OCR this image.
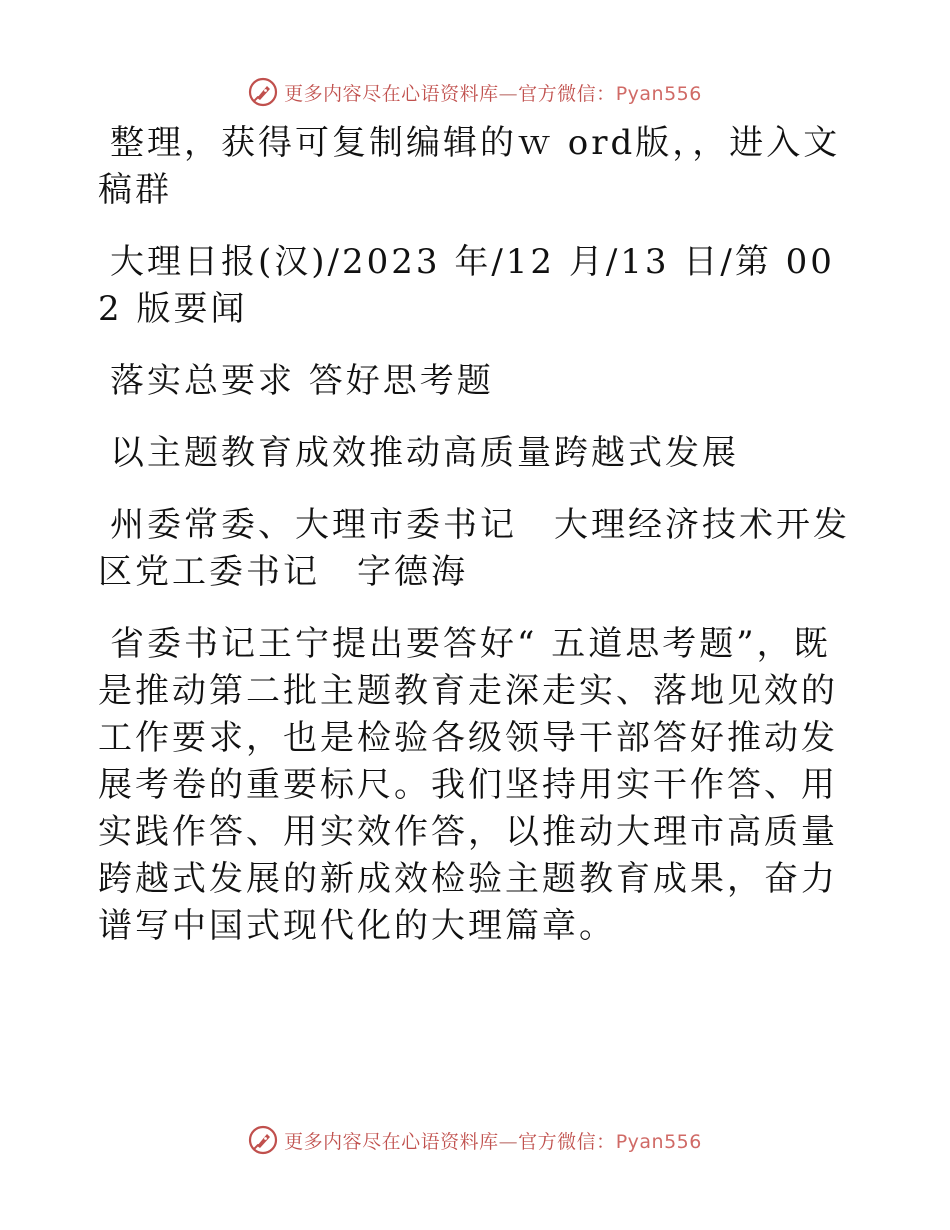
更多内容尽在心语资料库—官方微信：Pyan556

整理，获得可复制编辑的ｗ ord版，，进入文稿群

大理日报(汉)/2023 年/12 月/13 日/第 002 版要闻

落实总要求 答好思考题

以主题教育成效推动高质量跨越式发展

州委常委、大理市委书记　大理经济技术开发区党工委书记　字德海

省委书记王宁提出要答好“ 五道思考题”，既是推动第二批主题教育走深走实、落地见效的工作要求，也是检验各级领导干部答好推动发展考卷的重要标尺。我们坚持用实干作答、用实践作答、用实效作答，以推动大理市高质量跨越式发展的新成效检验主题教育成果，奋力谱写中国式现代化的大理篇章。

更多内容尽在心语资料库—官方微信：Pyan556
